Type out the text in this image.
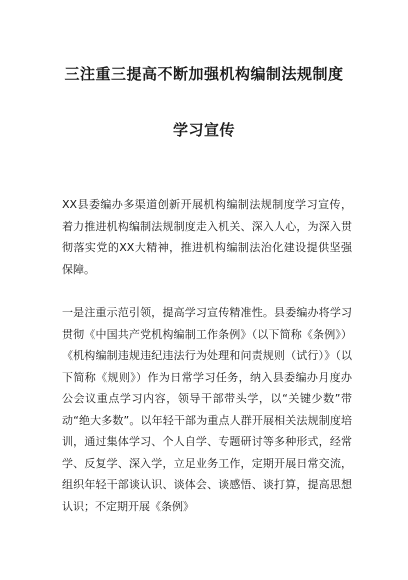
三注重三提高不断加强机构编制法规制度
学习宣传
XX县委编办多渠道创新开展机构编制法规制度学习宣传，着力推进机构编制法规制度走入机关、深入人心，为深入贯彻落实党的XX大精神，推进机构编制法治化建设提供坚强保障。
一是注重示范引领，提高学习宣传精准性。县委编办将学习贯彻《中国共产党机构编制工作条例》（以下简称《条例》）《机构编制违规违纪违法行为处理和问责规则（试行）》（以下简称《规则》）作为日常学习任务，纳入县委编办月度办公会议重点学习内容，领导干部带头学，以“关键少数”带动“绝大多数”。以年轻干部为重点人群开展相关法规制度培训，通过集体学习、个人自学、专题研讨等多种形式，经常学、反复学、深入学，立足业务工作，定期开展日常交流，组织年轻干部谈认识、谈体会、谈感悟、谈打算，提高思想认识；不定期开展《条例》
